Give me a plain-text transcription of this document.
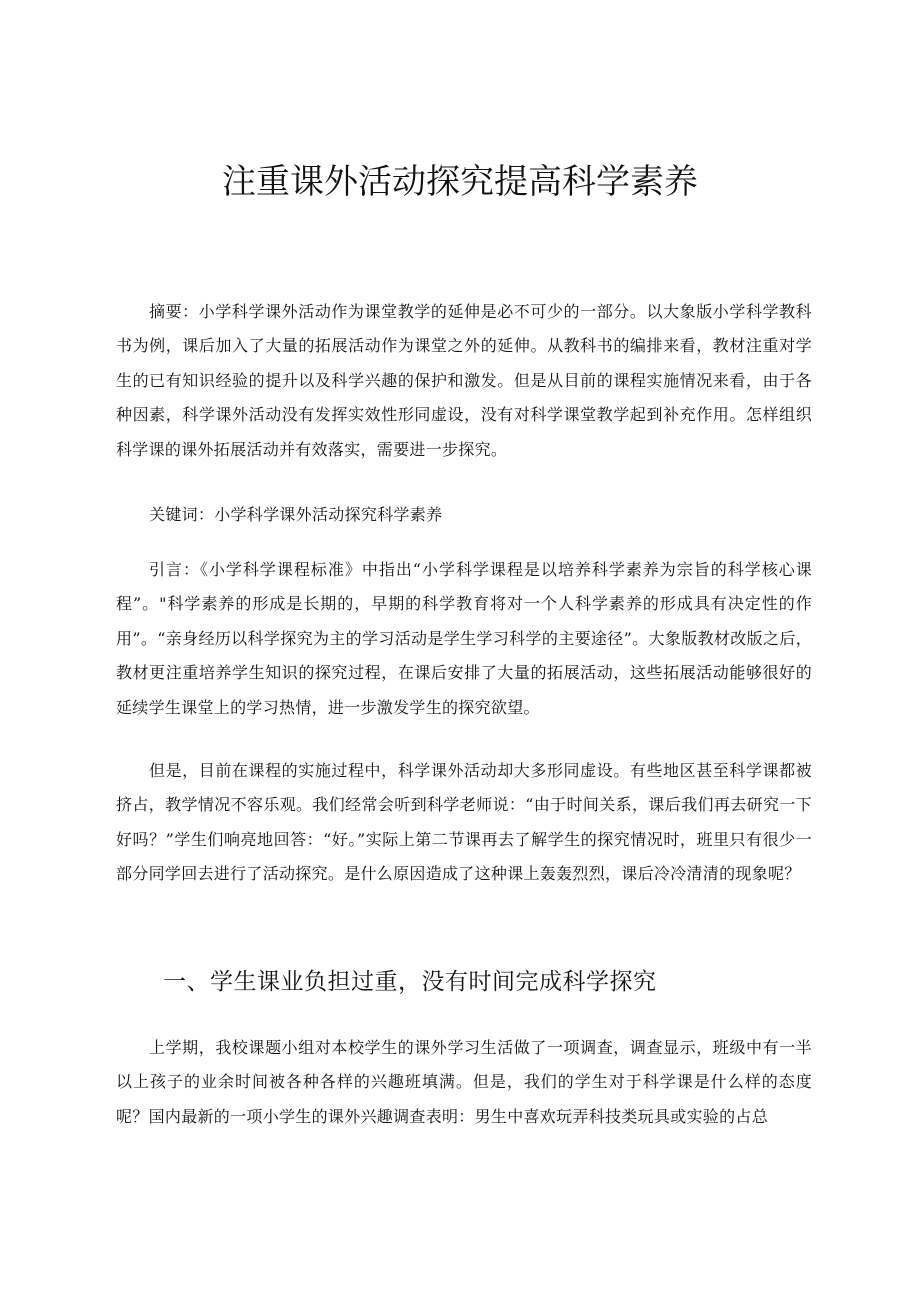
注重课外活动探究提高科学素养

摘要：小学科学课外活动作为课堂教学的延伸是必不可少的一部分。以大象版小学科学教科书为例，课后加入了大量的拓展活动作为课堂之外的延伸。从教科书的编排来看，教材注重对学生的已有知识经验的提升以及科学兴趣的保护和激发。但是从目前的课程实施情况来看，由于各种因素，科学课外活动没有发挥实效性形同虚设，没有对科学课堂教学起到补充作用。怎样组织科学课的课外拓展活动并有效落实，需要进一步探究。

关键词：小学科学课外活动探究科学素养

引言：《小学科学课程标准》中指出“小学科学课程是以培养科学素养为宗旨的科学核心课程”。"科学素养的形成是长期的，早期的科学教育将对一个人科学素养的形成具有决定性的作用”。“亲身经历以科学探究为主的学习活动是学生学习科学的主要途径”。大象版教材改版之后，教材更注重培养学生知识的探究过程，在课后安排了大量的拓展活动，这些拓展活动能够很好的延续学生课堂上的学习热情，进一步激发学生的探究欲望。

但是，目前在课程的实施过程中，科学课外活动却大多形同虚设。有些地区甚至科学课都被挤占，教学情况不容乐观。我们经常会听到科学老师说：“由于时间关系，课后我们再去研究一下好吗？”学生们响亮地回答：“好。”实际上第二节课再去了解学生的探究情况时，班里只有很少一部分同学回去进行了活动探究。是什么原因造成了这种课上轰轰烈烈，课后冷冷清清的现象呢？

一、学生课业负担过重，没有时间完成科学探究

上学期，我校课题小组对本校学生的课外学习生活做了一项调查，调查显示，班级中有一半以上孩子的业余时间被各种各样的兴趣班填满。但是，我们的学生对于科学课是什么样的态度呢？国内最新的一项小学生的课外兴趣调查表明：男生中喜欢玩弄科技类玩具或实验的占总
